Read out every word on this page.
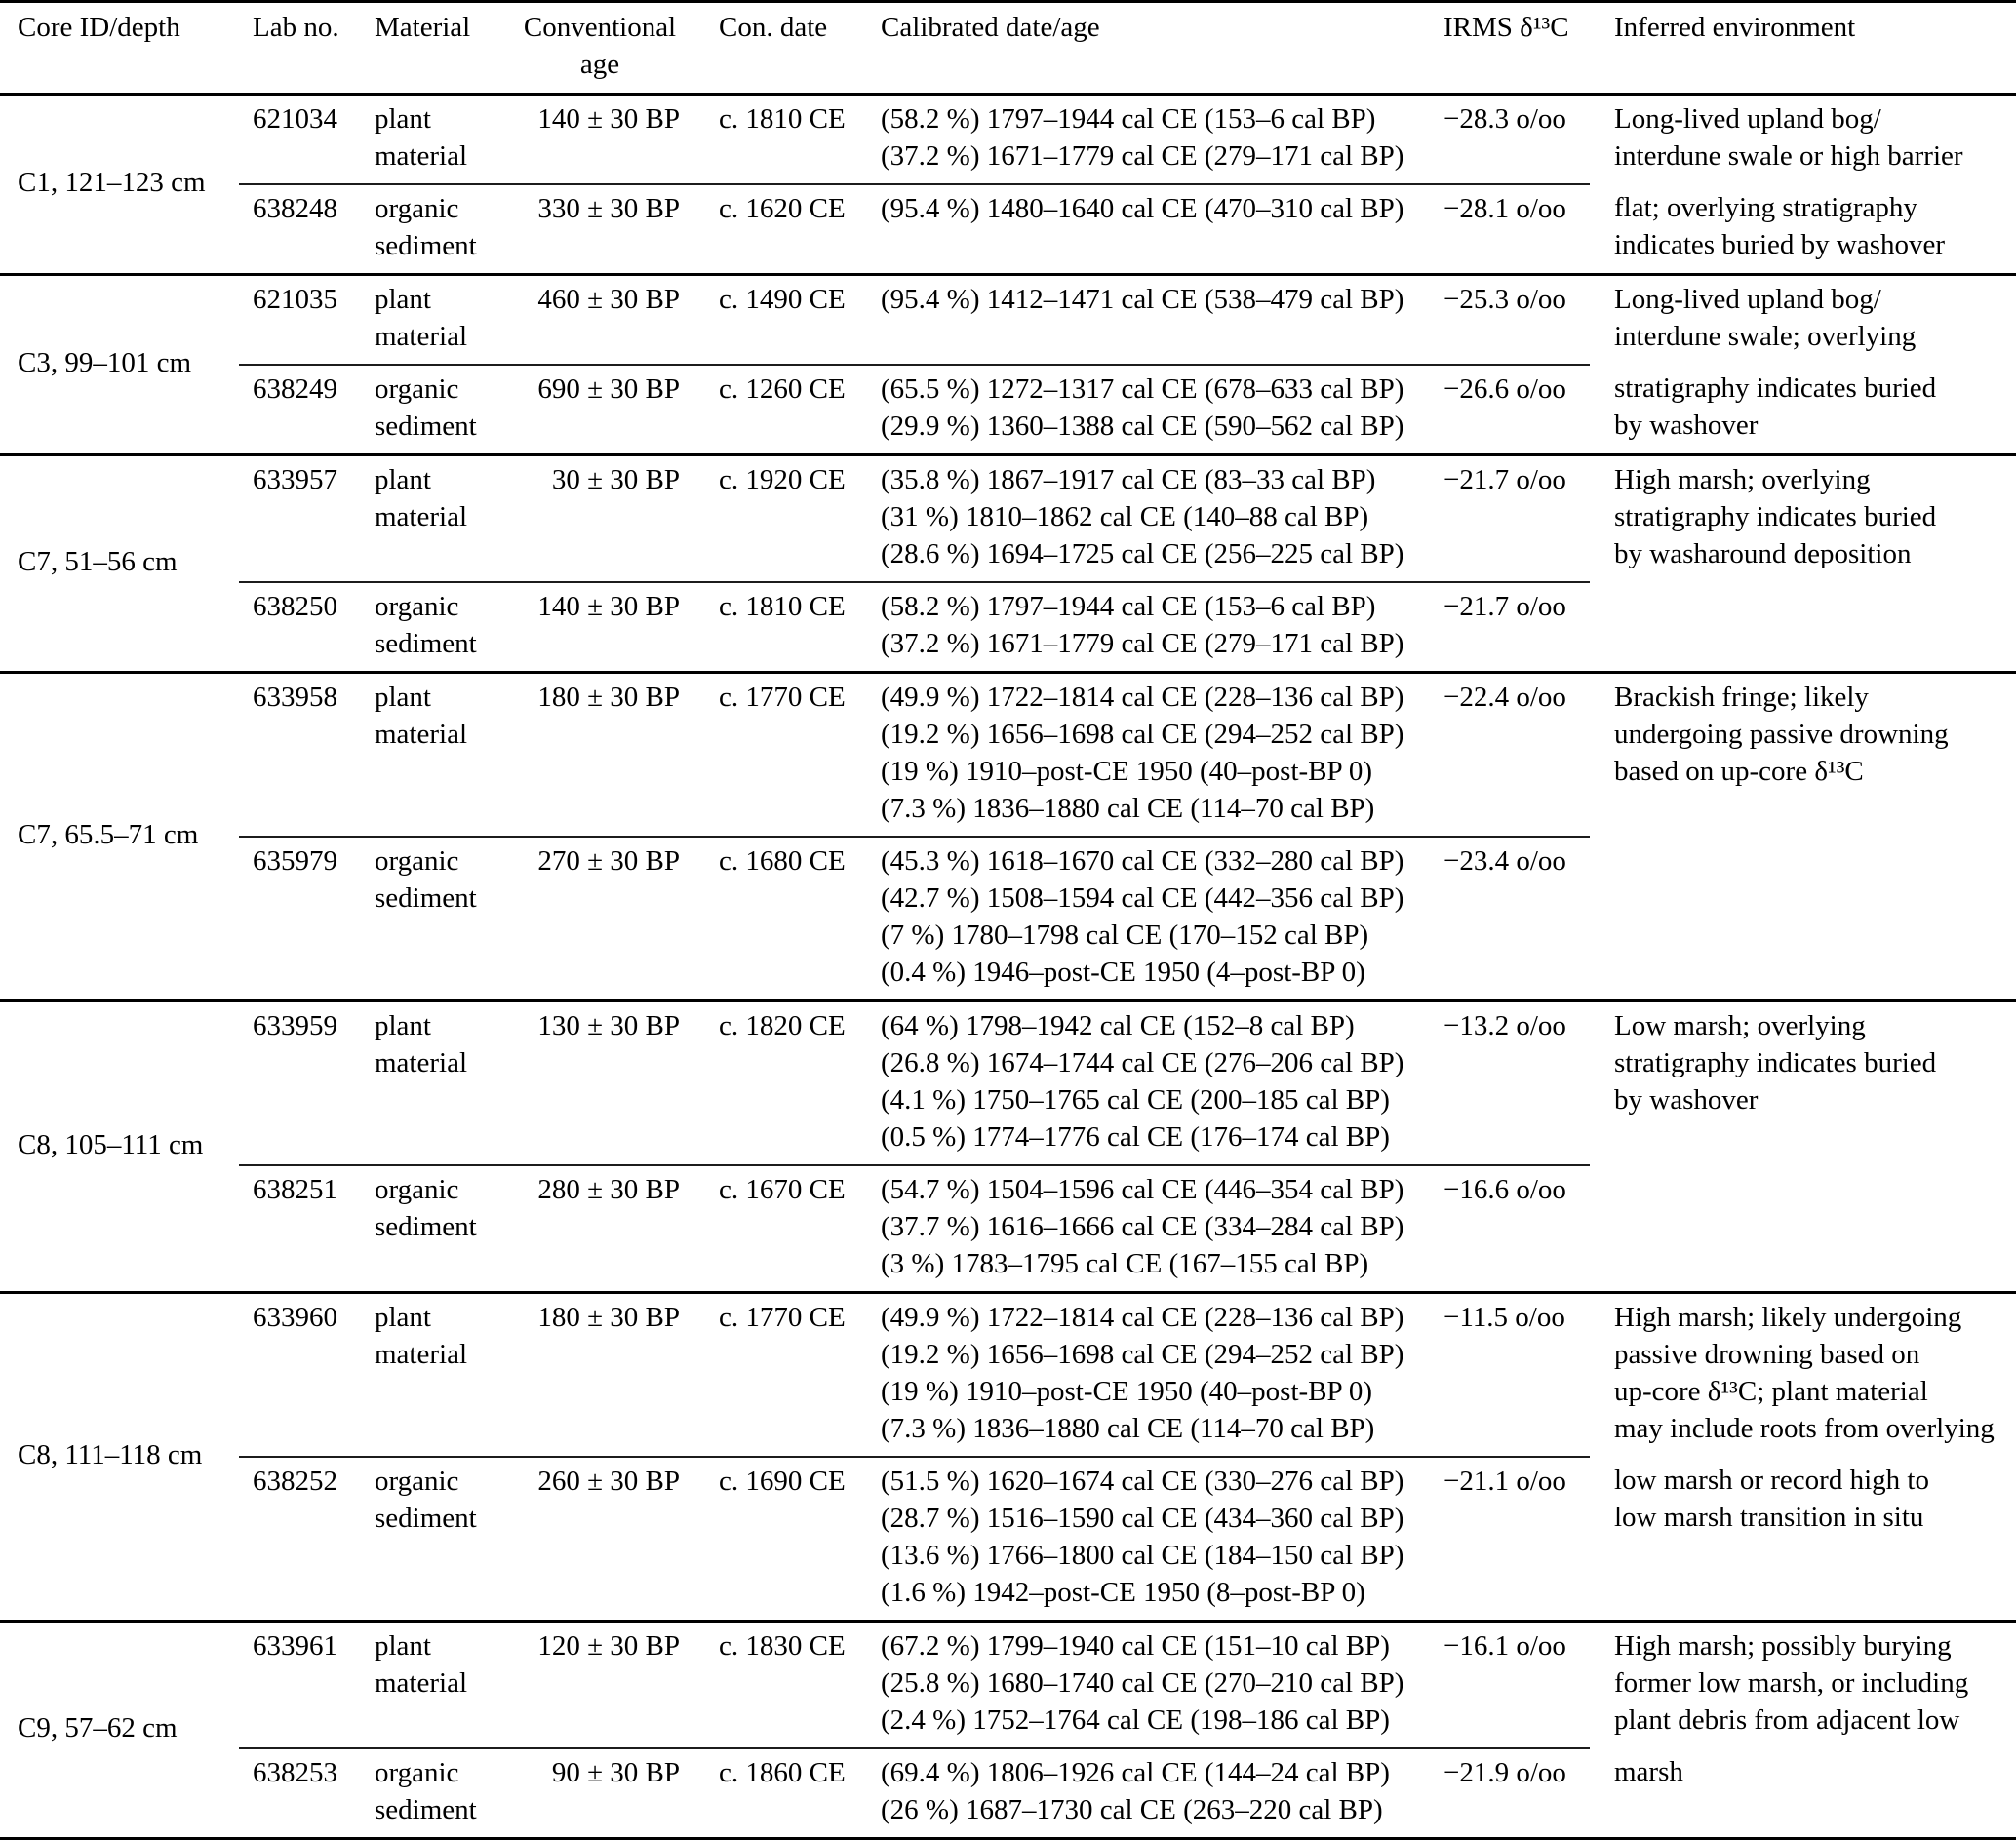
Core ID/depth	Lab no.	Material	Conventional age	Con. date	Calibrated date/age	IRMS δ¹³C	Inferred environment
C1, 121–123 cm	621034	plant material	140 ± 30 BP	c. 1810 CE	(58.2 %) 1797–1944 cal CE (153–6 cal BP)
(37.2 %) 1671–1779 cal CE (279–171 cal BP)
	−28.3 o/oo	Long-lived upland bog/
interdune swale or high barrier

	638248	organic sediment	330 ± 30 BP	c. 1620 CE	(95.4 %) 1480–1640 cal CE (470–310 cal BP)	−28.1 o/oo	flat; overlying stratigraphy
indicates buried by washover

C3, 99–101 cm	621035	plant material	460 ± 30 BP	c. 1490 CE	(95.4 %) 1412–1471 cal CE (538–479 cal BP)	−25.3 o/oo	Long-lived upland bog/
interdune swale; overlying

638249	organic sediment	690 ± 30 BP	c. 1260 CE	(65.5 %) 1272–1317 cal CE (678–633 cal BP)
(29.9 %) 1360–1388 cal CE (590–562 cal BP)
	−26.6 o/oo	stratigraphy indicates buried
by washover

C7, 51–56 cm	633957	plant material	30 ± 30 BP	c. 1920 CE	(35.8 %) 1867–1917 cal CE (83–33 cal BP)
(31 %) 1810–1862 cal CE (140–88 cal BP)
(28.6 %) 1694–1725 cal CE (256–225 cal BP)
	−21.7 o/oo	High marsh; overlying
stratigraphy indicates buried
by washaround deposition

	638250	organic sediment	140 ± 30 BP	c. 1810 CE	(58.2 %) 1797–1944 cal CE (153–6 cal BP)
(37.2 %) 1671–1779 cal CE (279–171 cal BP)	−21.7 o/oo	
C7, 65.5–71 cm	633958	plant material	180 ± 30 BP	c. 1770 CE	(49.9 %) 1722–1814 cal CE (228–136 cal BP)
(19.2 %) 1656–1698 cal CE (294–252 cal BP)
(19 %) 1910–post-CE 1950 (40–post-BP 0)
(7.3 %) 1836–1880 cal CE (114–70 cal BP)
	−22.4 o/oo	Brackish fringe; likely
undergoing passive drowning
based on up-core δ¹³C

	635979	organic sediment	270 ± 30 BP	c. 1680 CE	(45.3 %) 1618–1670 cal CE (332–280 cal BP)
(42.7 %) 1508–1594 cal CE (442–356 cal BP)
(7 %) 1780–1798 cal CE (170–152 cal BP)
(0.4 %) 1946–post-CE 1950 (4–post-BP 0)	−23.4 o/oo	
C8, 105–111 cm	633959	plant material	130 ± 30 BP	c. 1820 CE	(64 %) 1798–1942 cal CE (152–8 cal BP)
(26.8 %) 1674–1744 cal CE (276–206 cal BP)
(4.1 %) 1750–1765 cal CE (200–185 cal BP)
(0.5 %) 1774–1776 cal CE (176–174 cal BP)
	−13.2 o/oo	Low marsh; overlying
stratigraphy indicates buried
by washover

	638251	organic sediment	280 ± 30 BP	c. 1670 CE	(54.7 %) 1504–1596 cal CE (446–354 cal BP)
(37.7 %) 1616–1666 cal CE (334–284 cal BP)
(3 %) 1783–1795 cal CE (167–155 cal BP)	−16.6 o/oo	
C8, 111–118 cm	633960	plant material	180 ± 30 BP	c. 1770 CE	(49.9 %) 1722–1814 cal CE (228–136 cal BP)
(19.2 %) 1656–1698 cal CE (294–252 cal BP)
(19 %) 1910–post-CE 1950 (40–post-BP 0)
(7.3 %) 1836–1880 cal CE (114–70 cal BP)
	−11.5 o/oo	High marsh; likely undergoing
passive drowning based on
up-core δ¹³C; plant material
may include roots from overlying

638252	organic sediment	260 ± 30 BP	c. 1690 CE	(51.5 %) 1620–1674 cal CE (330–276 cal BP)
(28.7 %) 1516–1590 cal CE (434–360 cal BP)
(13.6 %) 1766–1800 cal CE (184–150 cal BP)
(1.6 %) 1942–post-CE 1950 (8–post-BP 0)
	−21.1 o/oo	low marsh or record high to
low marsh transition in situ

C9, 57–62 cm	633961	plant material	120 ± 30 BP	c. 1830 CE	(67.2 %) 1799–1940 cal CE (151–10 cal BP)
(25.8 %) 1680–1740 cal CE (270–210 cal BP)
(2.4 %) 1752–1764 cal CE (198–186 cal BP)
	−16.1 o/oo	High marsh; possibly burying
former low marsh, or including
plant debris from adjacent low

	638253	organic sediment	90 ± 30 BP	c. 1860 CE	(69.4 %) 1806–1926 cal CE (144–24 cal BP)
(26 %) 1687–1730 cal CE (263–220 cal BP)	−21.9 o/oo	marsh
